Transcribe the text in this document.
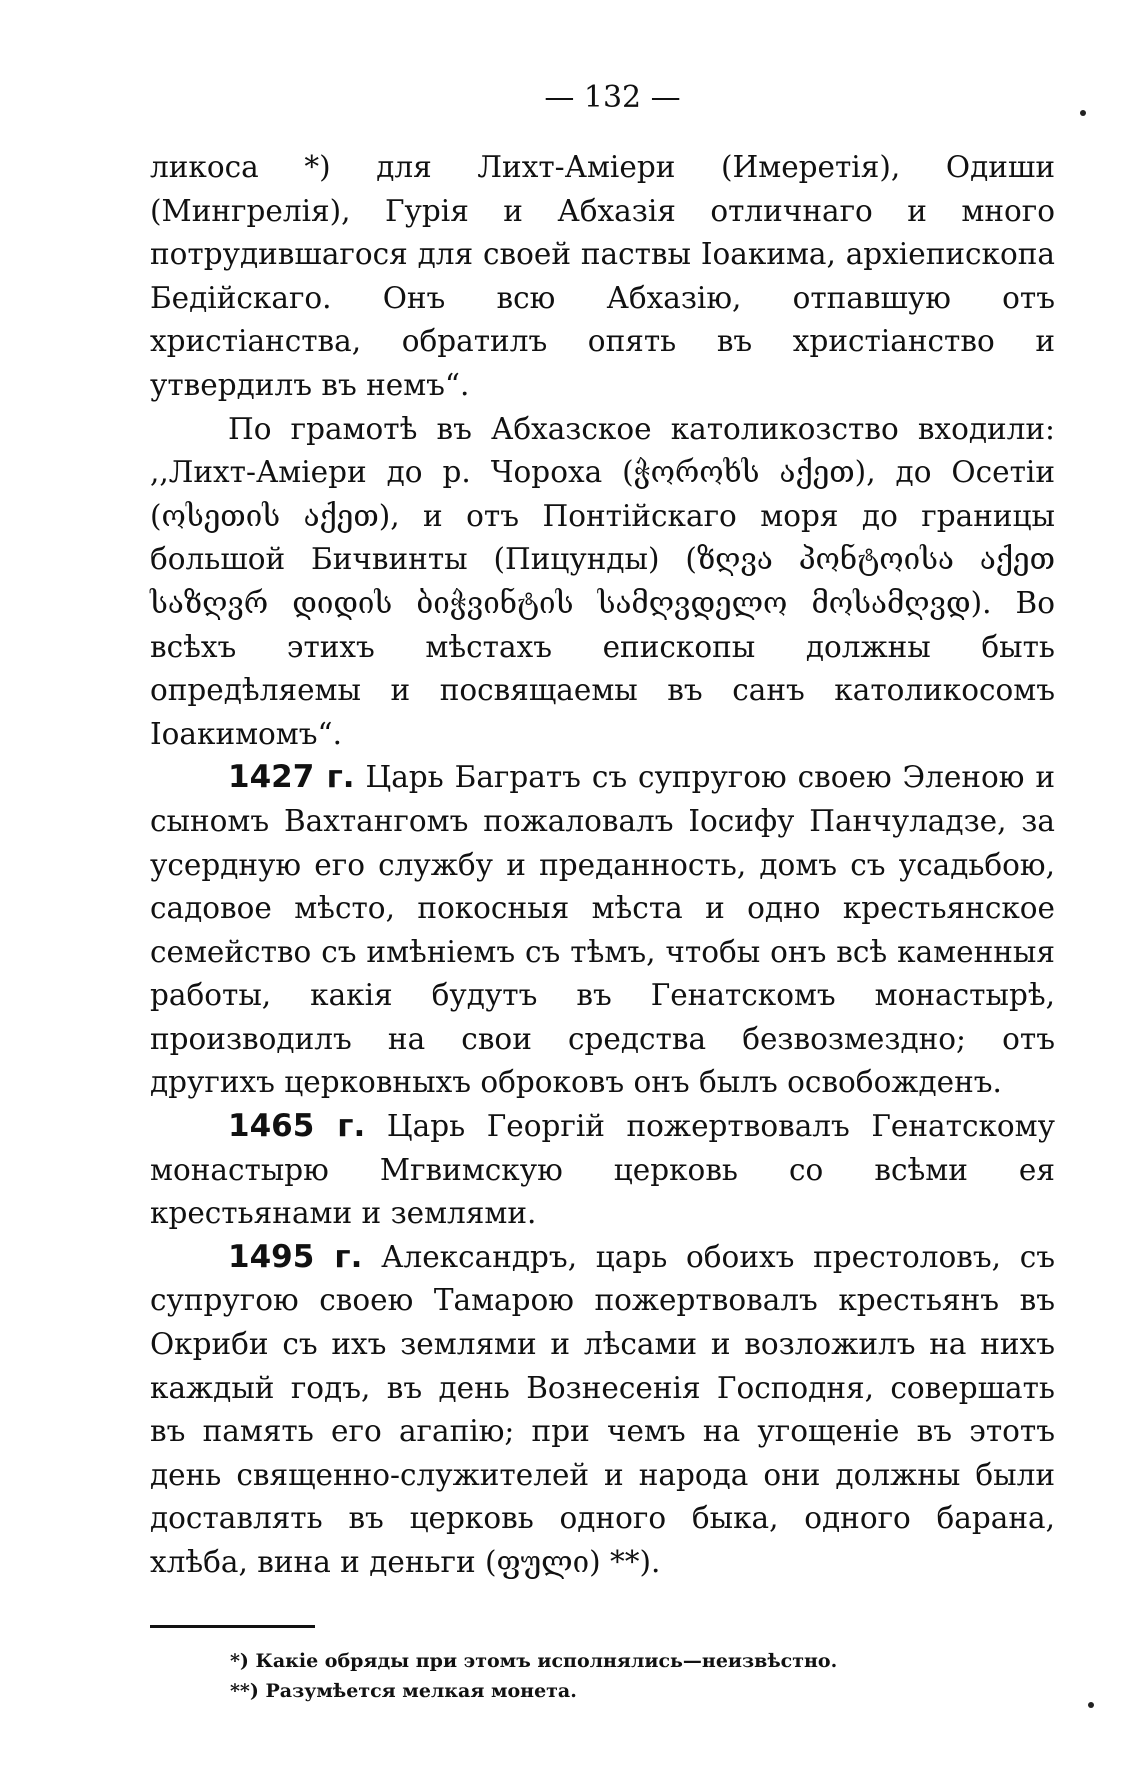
— 132 —

ликоса *) для Лихт-Аміери (Имеретія), Одиши (Мингрелія), Гурія и Абхазія отличнаго и много потрудившагося для своей паствы Іоакима, архіепископа Бедійскаго. Онъ всю Абхазію, отпавшую отъ христіанства, обратилъ опять въ христіанство и утвердилъ въ немъ“.

По грамотѣ въ Абхазское католикозство входили: ,,Лихт-Аміери до р. Чороха (ჭოროხს აქეთ), до Осетіи (ოსეთის აქეთ), и отъ Понтійскаго моря до границы большой Бичвинты (Пицунды) (ზღვა პონტოისა აქეთ საზღვრ დიდის ბიჭვინტის სამღვდელო მოსამღვდ). Во всѣхъ этихъ мѣстахъ епископы должны быть опредѣляемы и посвящаемы въ санъ католикосомъ Іоакимомъ“.

1427 г. Царь Багратъ съ супругою своею Эленою и сыномъ Вахтангомъ пожаловалъ Іосифу Панчуладзе, за усердную его службу и преданность, домъ съ усадьбою, садовое мѣсто, покосныя мѣста и одно крестьянское семейство съ имѣніемъ съ тѣмъ, чтобы онъ всѣ каменныя работы, какія будутъ въ Генатскомъ монастырѣ, производилъ на свои средства безвозмездно; отъ другихъ церковныхъ оброковъ онъ былъ освобожденъ.

1465 г. Царь Георгій пожертвовалъ Генатскому монастырю Мгвимскую церковь со всѣми ея крестьянами и землями.

1495 г. Александръ, царь обоихъ престоловъ, съ супругою своею Тамарою пожертвовалъ крестьянъ въ Окриби съ ихъ землями и лѣсами и возложилъ на нихъ каждый годъ, въ день Вознесенія Господня, совершать въ память его агапію; при чемъ на угощеніе въ этотъ день священно-служителей и народа они должны были доставлять въ церковь одного быка, одного барана, хлѣба, вина и деньги (ფული) **).

*) Какіе обряды при этомъ исполнялись—неизвѣстно.

**) Разумѣется мелкая монета.
